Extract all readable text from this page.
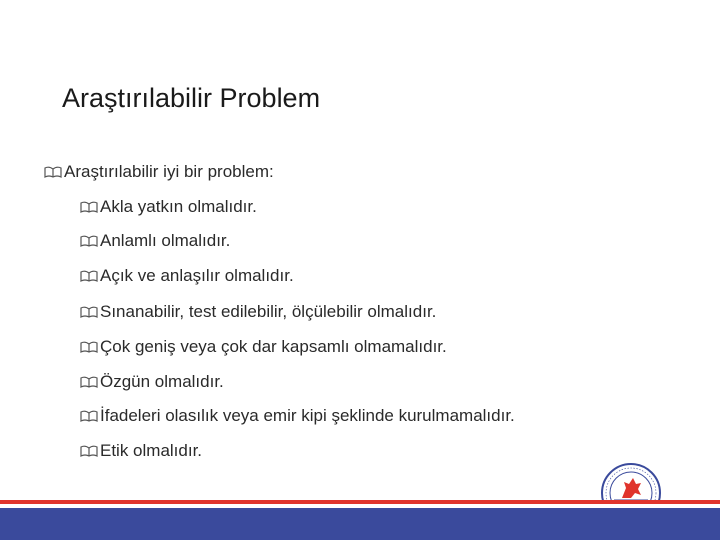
Araştırılabilir Problem
Araştırılabilir iyi bir problem:
Akla yatkın olmalıdır.
Anlamlı olmalıdır.
Açık ve anlaşılır olmalıdır.
Sınanabilir, test edilebilir, ölçülebilir olmalıdır.
Çok geniş veya çok dar kapsamlı olmamalıdır.
Özgün olmalıdır.
İfadeleri olasılık veya emir kipi şeklinde kurulmamalıdır.
Etik olmalıdır.
